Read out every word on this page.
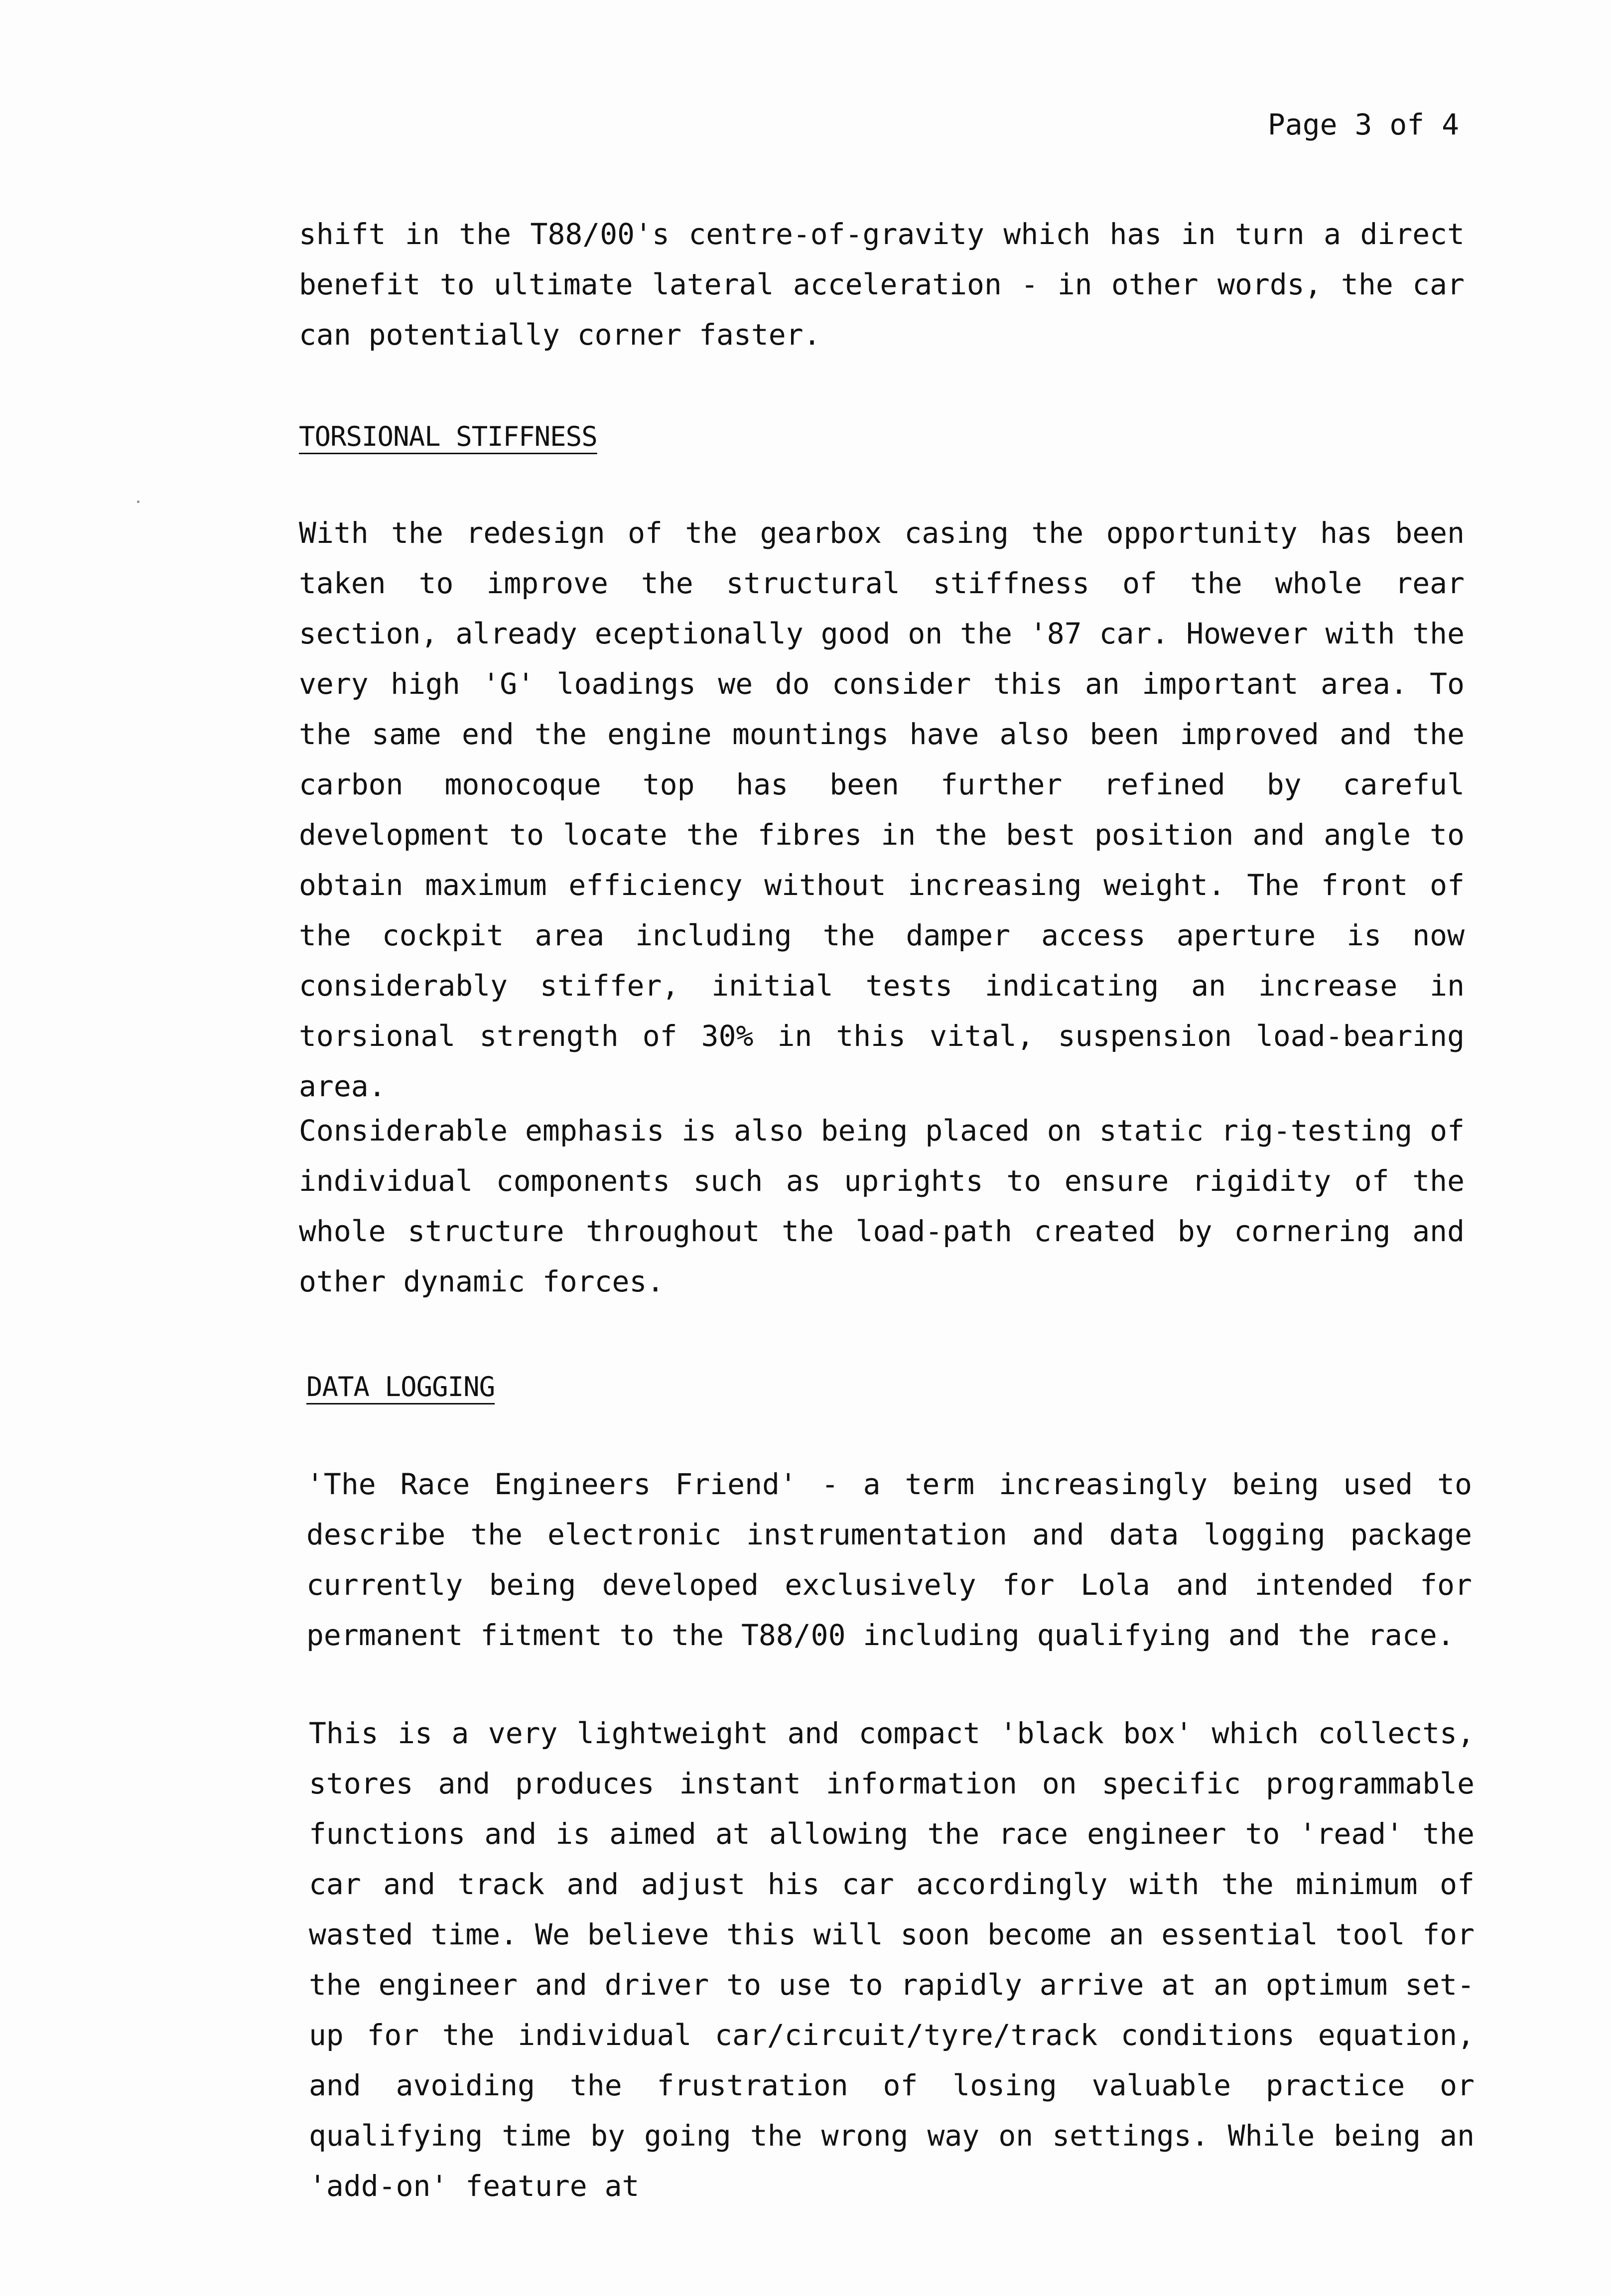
Page 3 of 4

shift in the T88/00's centre-of-gravity which has in turn a direct benefit to ultimate lateral acceleration - in other words, the car can potentially corner faster.

TORSIONAL STIFFNESS

With the redesign of the gearbox casing the opportunity has been taken to improve the structural stiffness of the whole rear section, already eceptionally good on the '87 car. However with the very high 'G' loadings we do consider this an important area. To the same end the engine mountings have also been improved and the carbon monocoque top has been further refined by careful development to locate the fibres in the best position and angle to obtain maximum efficiency without increasing weight. The front of the cockpit area including the damper access aperture is now considerably stiffer, initial tests indicating an increase in torsional strength of 30% in this vital, suspension load-bearing area.

Considerable emphasis is also being placed on static rig-testing of individual components such as uprights to ensure rigidity of the whole structure throughout the load-path created by cornering and other dynamic forces.

DATA LOGGING

'The Race Engineers Friend' - a term increasingly being used to describe the electronic instrumentation and data logging package currently being developed exclusively for Lola and intended for permanent fitment to the T88/00 including qualifying and the race.

This is a very lightweight and compact 'black box' which collects, stores and produces instant information on specific programmable functions and is aimed at allowing the race engineer to 'read' the car and track and adjust his car accordingly with the minimum of wasted time. We believe this will soon become an essential tool for the engineer and driver to use to rapidly arrive at an optimum set-up for the individual car/circuit/tyre/track conditions equation, and avoiding the frustration of losing valuable practice or qualifying time by going the wrong way on settings. While being an 'add-on' feature at
